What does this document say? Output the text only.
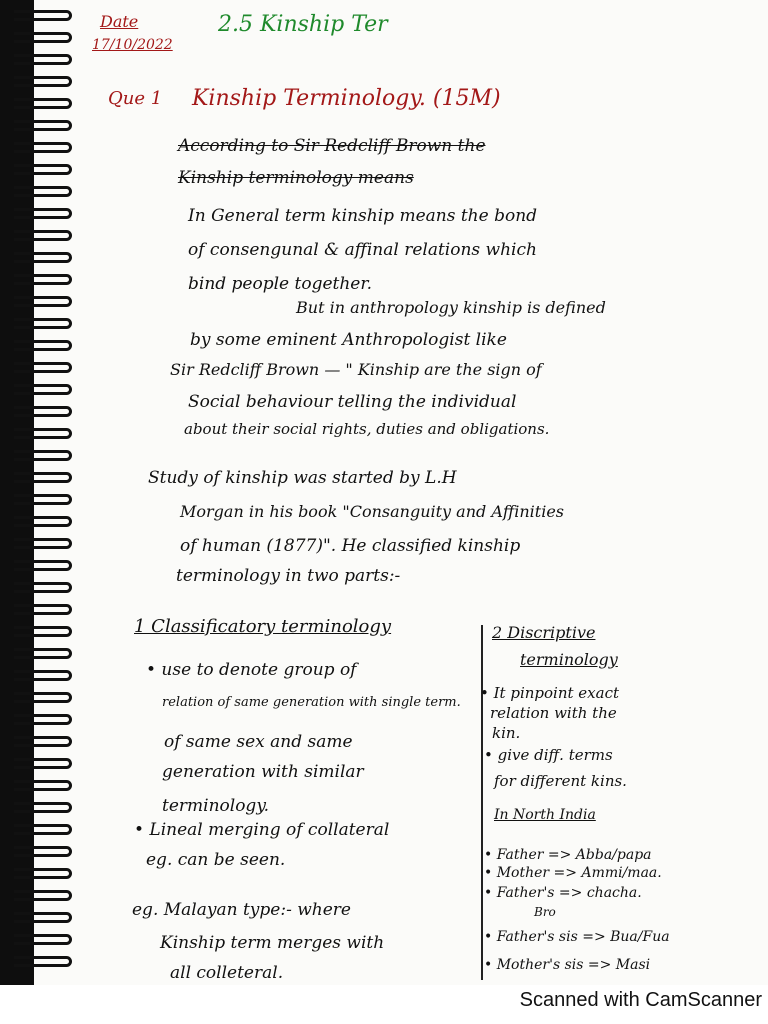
Date
17/10/2022
2.5 Kinship Ter
Que 1 Kinship Terminology. (15M)
According to Sir Redcliff Brown the
Kinship terminology means
In General term kinship means the bond
of consengunal & affinal relations which
bind people together.
But in anthropology kinship is defined
by some eminent Anthropologist like
Sir Redcliff Brown — " Kinship are the sign of
Social behaviour telling the individual
about their social rights, duties and obligations.
Study of kinship was started by L.H
Morgan in his book "Consanguity and Affinities
of human (1877)". He classified kinship
terminology in two parts:-
1 Classificatory terminology
• use to denote group of
relation of same generation with single term.
of same sex and same
generation with similar
terminology.
• Lineal merging of collateral
eg. can be seen.
eg. Malayan type:- where
Kinship term merges with
all colleteral.
2 Discriptive
terminology
• It pinpoint exact
relation with the
kin.
• give diff. terms
for different kins.
In North India
• Father => Abba/papa
• Mother => Ammi/maa.
• Father's => chacha.
Bro
• Father's sis => Bua/Fua
• Mother's sis => Masi
Scanned with CamScanner
